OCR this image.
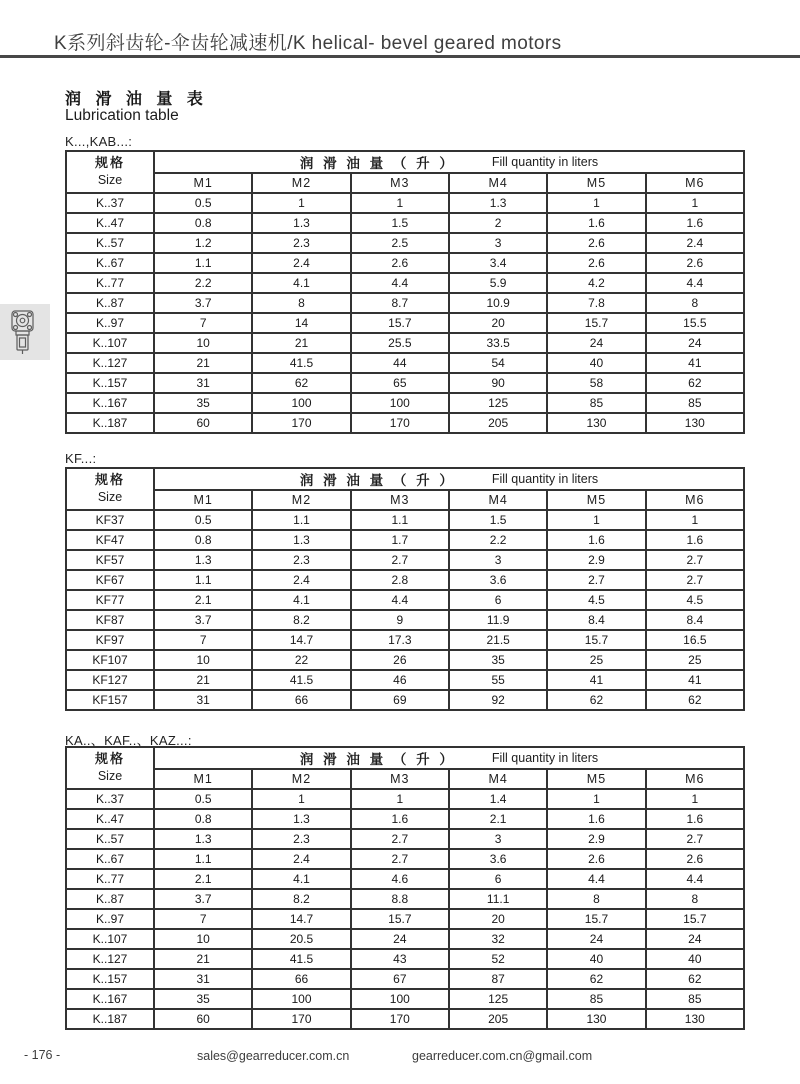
K系列斜齿轮-伞齿轮减速机/K helical- bevel geared motors
润 滑 油 量 表
Lubrication table
K...,KAB...:
规格
Size	润 滑 油 量 （ 升 ） Fill quantity in liters					

	M1	M2	M3	M4	M5	M6
K..37	0.5	1	1	1.3	1	1
K..47	0.8	1.3	1.5	2	1.6	1.6
K..57	1.2	2.3	2.5	3	2.6	2.4
K..67	1.1	2.4	2.6	3.4	2.6	2.6
K..77	2.2	4.1	4.4	5.9	4.2	4.4
K..87	3.7	8	8.7	10.9	7.8	8
K..97	7	14	15.7	20	15.7	15.5
K..107	10	21	25.5	33.5	24	24
K..127	21	41.5	44	54	40	41
K..157	31	62	65	90	58	62
K..167	35	100	100	125	85	85
K..187	60	170	170	205	130	130
KF...:
规格
Size	润 滑 油 量 （ 升 ） Fill quantity in liters					

	M1	M2	M3	M4	M5	M6
KF37	0.5	1.1	1.1	1.5	1	1
KF47	0.8	1.3	1.7	2.2	1.6	1.6
KF57	1.3	2.3	2.7	3	2.9	2.7
KF67	1.1	2.4	2.8	3.6	2.7	2.7
KF77	2.1	4.1	4.4	6	4.5	4.5
KF87	3.7	8.2	9	11.9	8.4	8.4
KF97	7	14.7	17.3	21.5	15.7	16.5
KF107	10	22	26	35	25	25
KF127	21	41.5	46	55	41	41
KF157	31	66	69	92	62	62
KA..、KAF..、KAZ...:
规格
Size	润 滑 油 量 （ 升 ） Fill quantity in liters					

	M1	M2	M3	M4	M5	M6
K..37	0.5	1	1	1.4	1	1
K..47	0.8	1.3	1.6	2.1	1.6	1.6
K..57	1.3	2.3	2.7	3	2.9	2.7
K..67	1.1	2.4	2.7	3.6	2.6	2.6
K..77	2.1	4.1	4.6	6	4.4	4.4
K..87	3.7	8.2	8.8	11.1	8	8
K..97	7	14.7	15.7	20	15.7	15.7
K..107	10	20.5	24	32	24	24
K..127	21	41.5	43	52	40	40
K..157	31	66	67	87	62	62
K..167	35	100	100	125	85	85
K..187	60	170	170	205	130	130
- 176 -	sales@gearreducer.com.cn	gearreducer.com.cn@gmail.com
